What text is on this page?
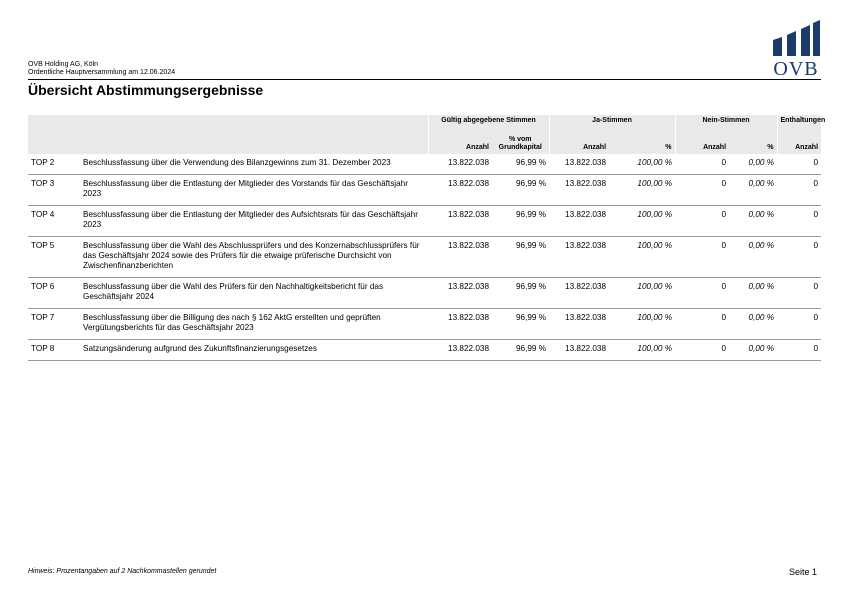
OVB Holding AG, Köln
Ordentliche Hauptversammlung am 12.06.2024
Übersicht Abstimmungsergebnisse
OVB
		Gültig abgegebene Stimmen		Ja-Stimmen		Nein-Stimmen		Enthaltungen
		Anzahl	% vom Grundkapital	Anzahl	%	Anzahl	%	Anzahl
TOP 2	Beschlussfassung über die Verwendung des Bilanzgewinns zum 31. Dezember 2023	13.822.038	96,99 %	13.822.038	100,00 %	0	0,00 %	0
TOP 3	Beschlussfassung über die Entlastung der Mitglieder des Vorstands für das Geschäftsjahr 2023	13.822.038	96,99 %	13.822.038	100,00 %	0	0,00 %	0
TOP 4	Beschlussfassung über die Entlastung der Mitglieder des Aufsichtsrats für das Geschäftsjahr 2023	13.822.038	96,99 %	13.822.038	100,00 %	0	0,00 %	0
TOP 5	Beschlussfassung über die Wahl des Abschlussprüfers und des Konzernabschlussprüfers für das Geschäftsjahr 2024 sowie des Prüfers für die etwaige prüferische Durchsicht von Zwischenfinanzberichten	13.822.038	96,99 %	13.822.038	100,00 %	0	0,00 %	0
TOP 6	Beschlussfassung über die Wahl des Prüfers für den Nachhaltigkeitsbericht für das Geschäftsjahr 2024	13.822.038	96,99 %	13.822.038	100,00 %	0	0,00 %	0
TOP 7	Beschlussfassung über die Billigung des nach § 162 AktG erstellten und geprüften Vergütungsberichts für das Geschäftsjahr 2023	13.822.038	96,99 %	13.822.038	100,00 %	0	0,00 %	0
TOP 8	Satzungsänderung aufgrund des Zukunftsfinanzierungsgesetzes	13.822.038	96,99 %	13.822.038	100,00 %	0	0,00 %	0
Hinweis: Prozentangaben auf 2 Nachkommastellen gerundet	Seite 1
